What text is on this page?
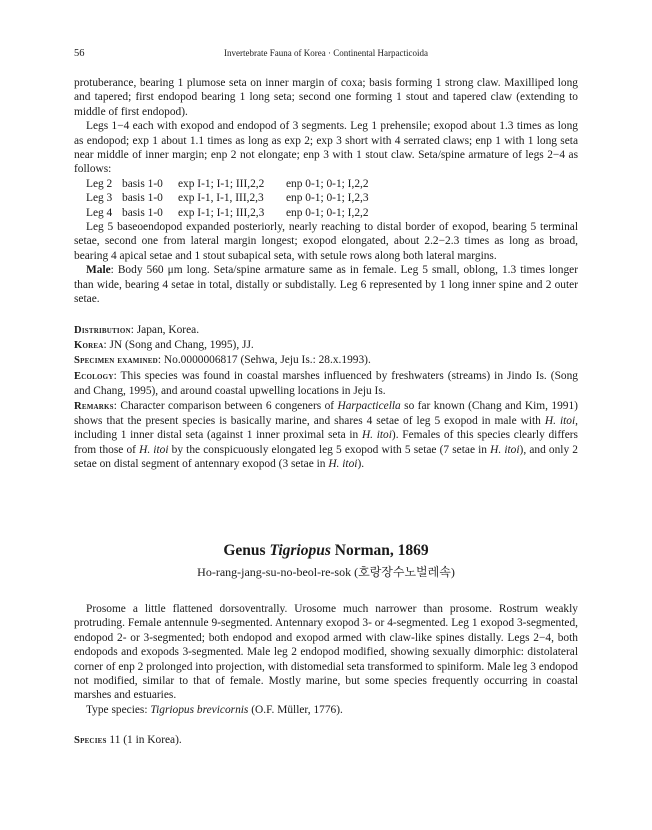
56	Invertebrate Fauna of Korea · Continental Harpacticoida

protuberance, bearing 1 plumose seta on inner margin of coxa; basis forming 1 strong claw. Maxilliped long and tapered; first endopod bearing 1 long seta; second one forming 1 stout and tapered claw (extending to middle of first endopod).

Legs 1−4 each with exopod and endopod of 3 segments. Leg 1 prehensile; exopod about 1.3 times as long as endopod; exp 1 about 1.1 times as long as exp 2; exp 3 short with 4 serrated claws; enp 1 with 1 long seta near middle of inner margin; enp 2 not elongate; enp 3 with 1 stout claw. Seta/spine armature of legs 2−4 as follows:

Leg 2 basis 1-0 exp I-1; I-1; III,2,2 enp 0-1; 0-1; I,2,2
Leg 3 basis 1-0 exp I-1, I-1, III,2,3 enp 0-1; 0-1; I,2,3
Leg 4 basis 1-0 exp I-1; I-1; III,2,3 enp 0-1; 0-1; I,2,2

Leg 5 baseoendopod expanded posteriorly, nearly reaching to distal border of exopod, bearing 5 terminal setae, second one from lateral margin longest; exopod elongated, about 2.2−2.3 times as long as broad, bearing 4 apical setae and 1 stout subapical seta, with setule rows along both lateral margins.

Male: Body 560 μm long. Seta/spine armature same as in female. Leg 5 small, oblong, 1.3 times longer than wide, bearing 4 setae in total, distally or subdistally. Leg 6 represented by 1 long inner spine and 2 outer setae.

Distribution: Japan, Korea.

Korea: JN (Song and Chang, 1995), JJ.

Specimen examined: No.0000006817 (Sehwa, Jeju Is.: 28.x.1993).

Ecology: This species was found in coastal marshes influenced by freshwaters (streams) in Jindo Is. (Song and Chang, 1995), and around coastal upwelling locations in Jeju Is.

Remarks: Character comparison between 6 congeners of Harpacticella so far known (Chang and Kim, 1991) shows that the present species is basically marine, and shares 4 setae of leg 5 exopod in male with H. itoi, including 1 inner distal seta (against 1 inner proximal seta in H. itoi). Females of this species clearly differs from those of H. itoi by the conspicuously elongated leg 5 exopod with 5 setae (7 setae in H. itoi), and only 2 setae on distal segment of antennary exopod (3 setae in H. itoi).

Genus Tigriopus Norman, 1869
Ho-rang-jang-su-no-beol-re-sok (호랑장수노벌레속)

Prosome a little flattened dorsoventrally. Urosome much narrower than prosome. Rostrum weakly protruding. Female antennule 9-segmented. Antennary exopod 3- or 4-segmented. Leg 1 exopod 3-segmented, endopod 2- or 3-segmented; both endopod and exopod armed with claw-like spines distally. Legs 2−4, both endopods and exopods 3-segmented. Male leg 2 endopod modified, showing sexually dimorphic: distolateral corner of enp 2 prolonged into projection, with distomedial seta transformed to spiniform. Male leg 3 endopod not modified, similar to that of female. Mostly marine, but some species frequently occurring in coastal marshes and estuaries.

Type species: Tigriopus brevicornis (O.F. Müller, 1776).

Species 11 (1 in Korea).
